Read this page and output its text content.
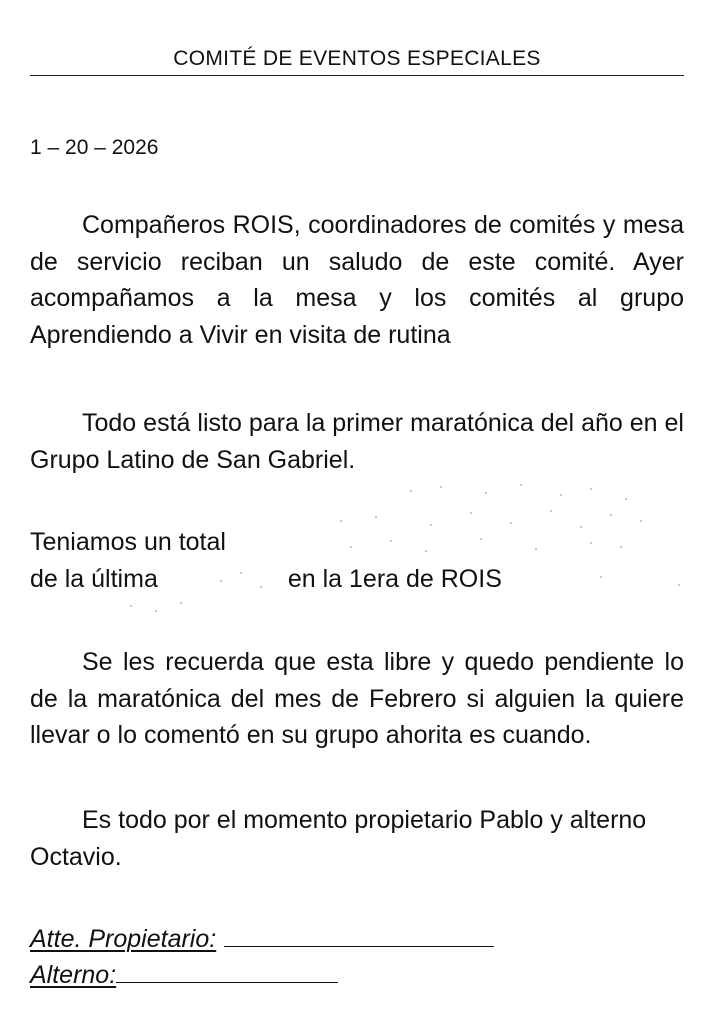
COMITÉ DE EVENTOS ESPECIALES
1 – 20 – 2026
Compañeros ROIS, coordinadores de comités y mesa de servicio reciban un saludo de este comité. Ayer acompañamos a la mesa y los comités al grupo Aprendiendo a Vivir en visita de rutina
Todo está listo para la primer maratónica del año en el Grupo Latino de San Gabriel.
Teniamos un total
de la última	en la 1era de ROIS
Se les recuerda que esta libre y quedo pendiente lo de la maratónica del mes de Febrero si alguien la quiere llevar o lo comentó en su grupo ahorita es cuando.
Es todo por el momento propietario Pablo y alterno Octavio.
Atte. Propietario:
Alterno:
